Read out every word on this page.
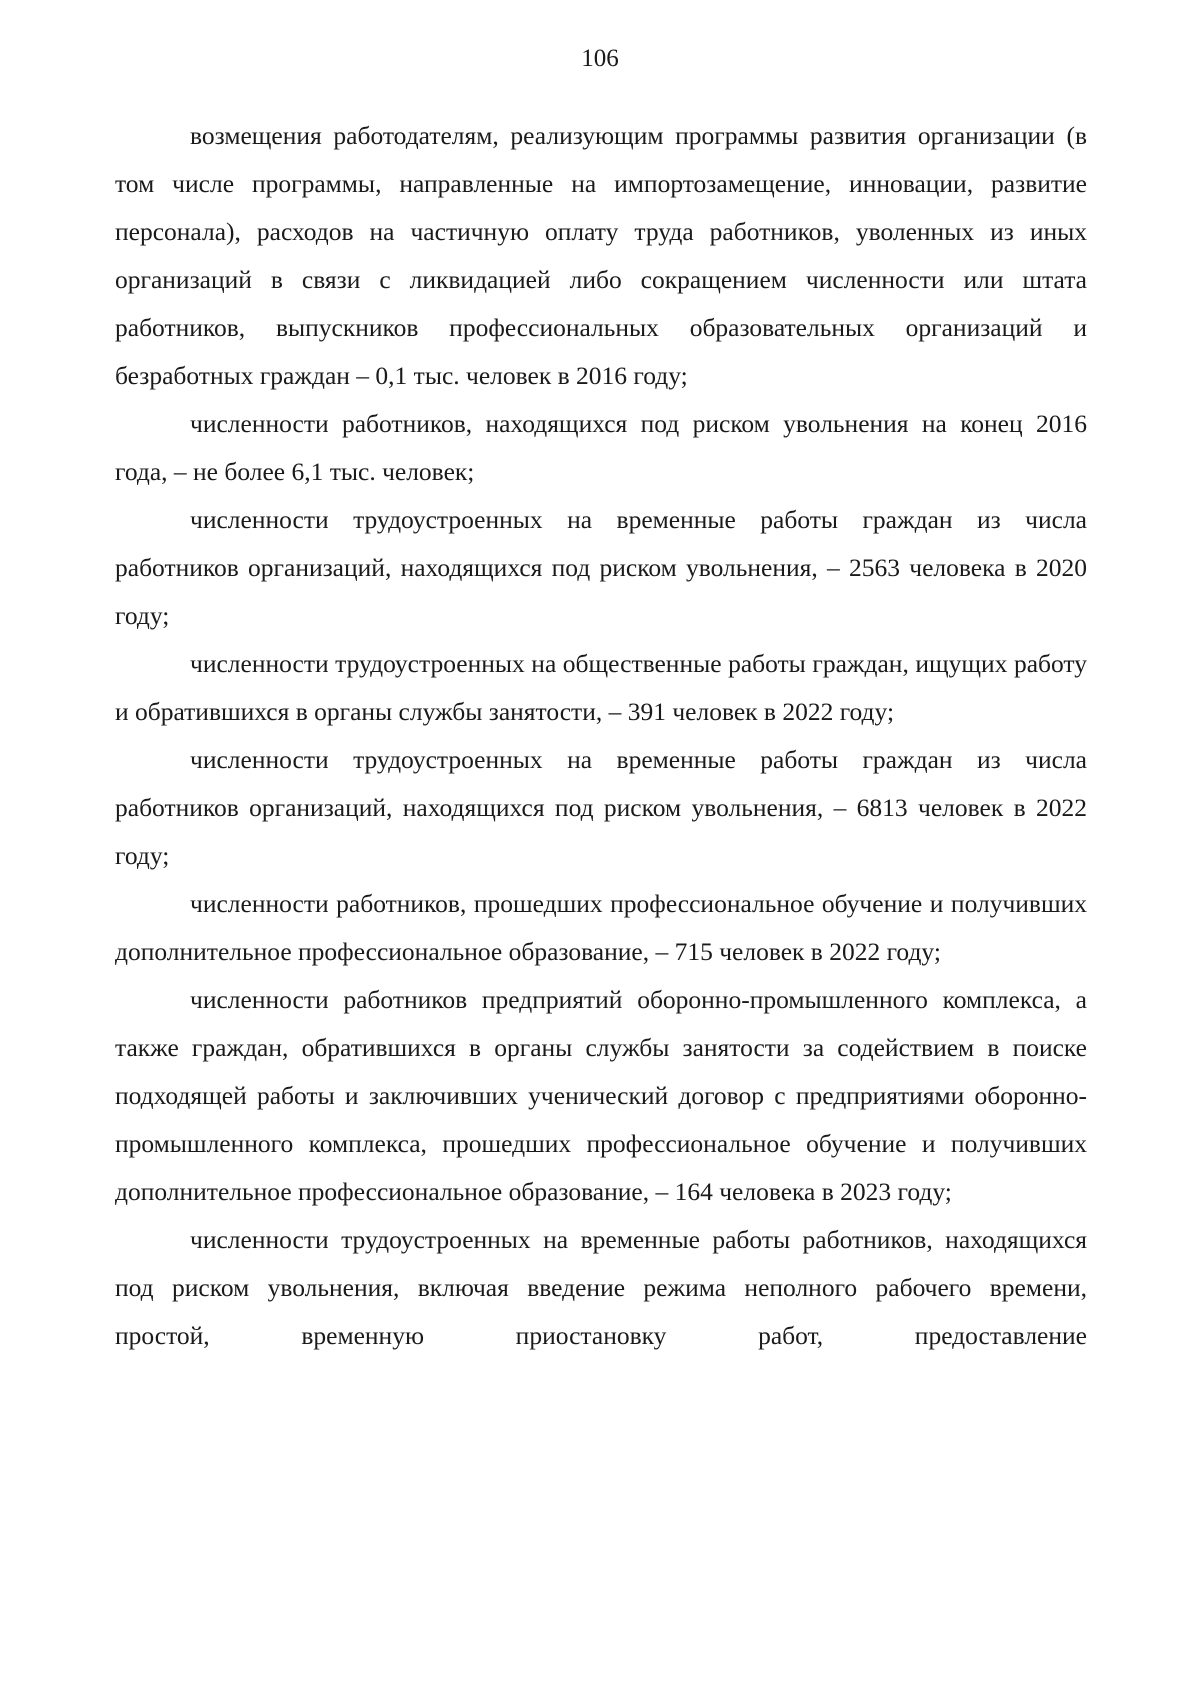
106

возмещения работодателям, реализующим программы развития организации (в том числе программы, направленные на импортозамещение, инновации, развитие персонала), расходов на частичную оплату труда работников, уволенных из иных организаций в связи с ликвидацией либо сокращением численности или штата работников, выпускников профессиональных образовательных организаций и безработных граждан – 0,1 тыс. человек в 2016 году;

численности работников, находящихся под риском увольнения на конец 2016 года, – не более 6,1 тыс. человек;

численности трудоустроенных на временные работы граждан из числа работников организаций, находящихся под риском увольнения, – 2563 человека в 2020 году;

численности трудоустроенных на общественные работы граждан, ищущих работу и обратившихся в органы службы занятости, – 391 человек в 2022 году;

численности трудоустроенных на временные работы граждан из числа работников организаций, находящихся под риском увольнения, – 6813 человек в 2022 году;

численности работников, прошедших профессиональное обучение и получивших дополнительное профессиональное образование, – 715 человек в 2022 году;

численности работников предприятий оборонно-промышленного комплекса, а также граждан, обратившихся в органы службы занятости за содействием в поиске подходящей работы и заключивших ученический договор с предприятиями оборонно-промышленного комплекса, прошедших профессиональное обучение и получивших дополнительное профессиональное образование, – 164 человека в 2023 году;

численности трудоустроенных на временные работы работников, находящихся под риском увольнения, включая введение режима неполного рабочего времени, простой, временную приостановку работ, предоставление
